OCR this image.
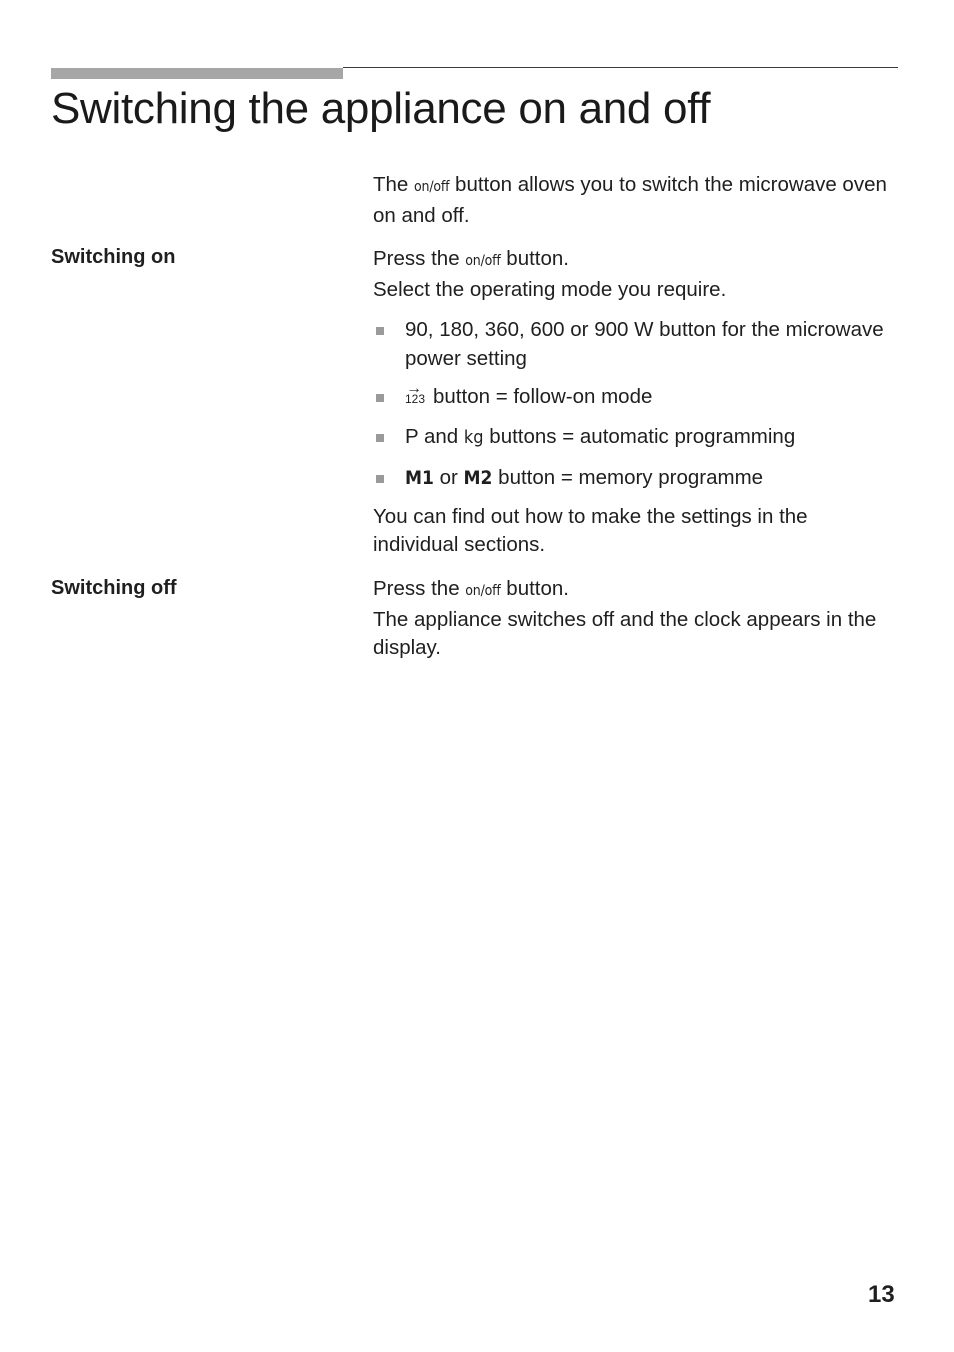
Switching the appliance on and off

The on/off button allows you to switch the microwave oven on and off.

Switching on	Press the on/off button.

Select the operating mode you require.

90, 180, 360, 600 or 900 W button for the microwave power setting
→
123 button = follow-on mode
P and kg buttons = automatic programming
M1 or M2 button = memory programme

You can find out how to make the settings in the individual sections.

Switching off	Press the on/off button.

The appliance switches off and the clock appears in the display.

13
